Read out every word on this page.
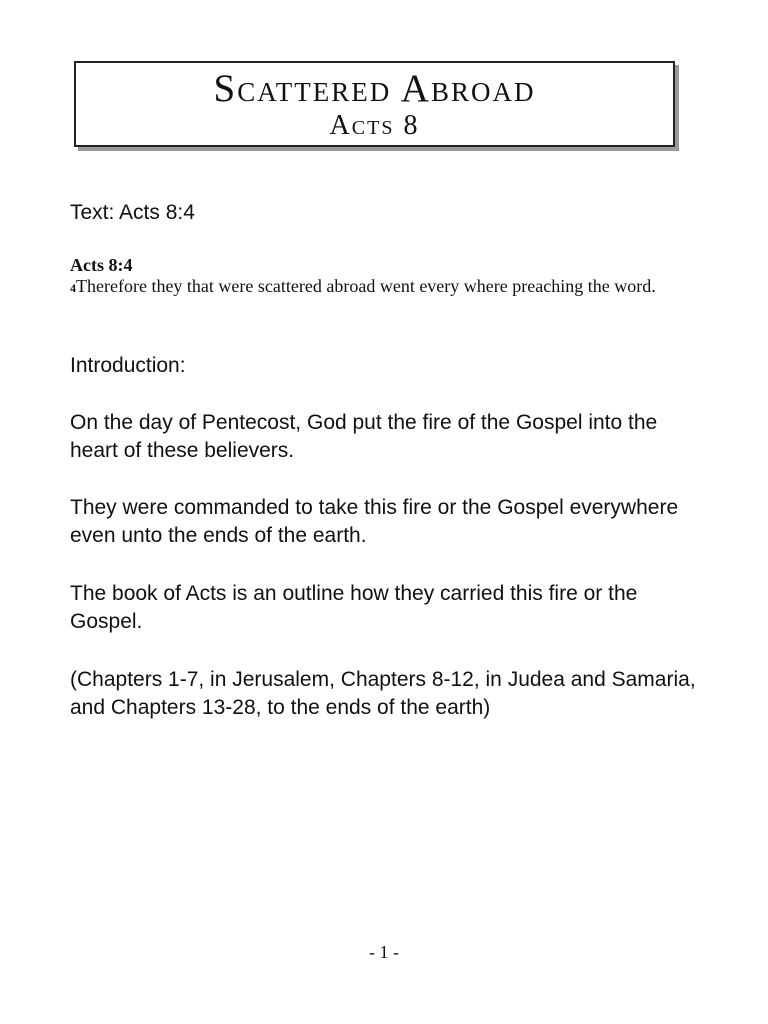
Scattered Abroad
Acts 8

Text: Acts 8:4

Acts 8:4

$^4$Therefore they that were scattered abroad went every where preaching the word.

Introduction:

On the day of Pentecost, God put the fire of the Gospel into the heart of these believers.

They were commanded to take this fire or the Gospel everywhere even unto the ends of the earth.

The book of Acts is an outline how they carried this fire or the Gospel.

(Chapters 1-7, in Jerusalem, Chapters 8-12, in Judea and Samaria, and Chapters 13-28, to the ends of the earth)

- 1 -
